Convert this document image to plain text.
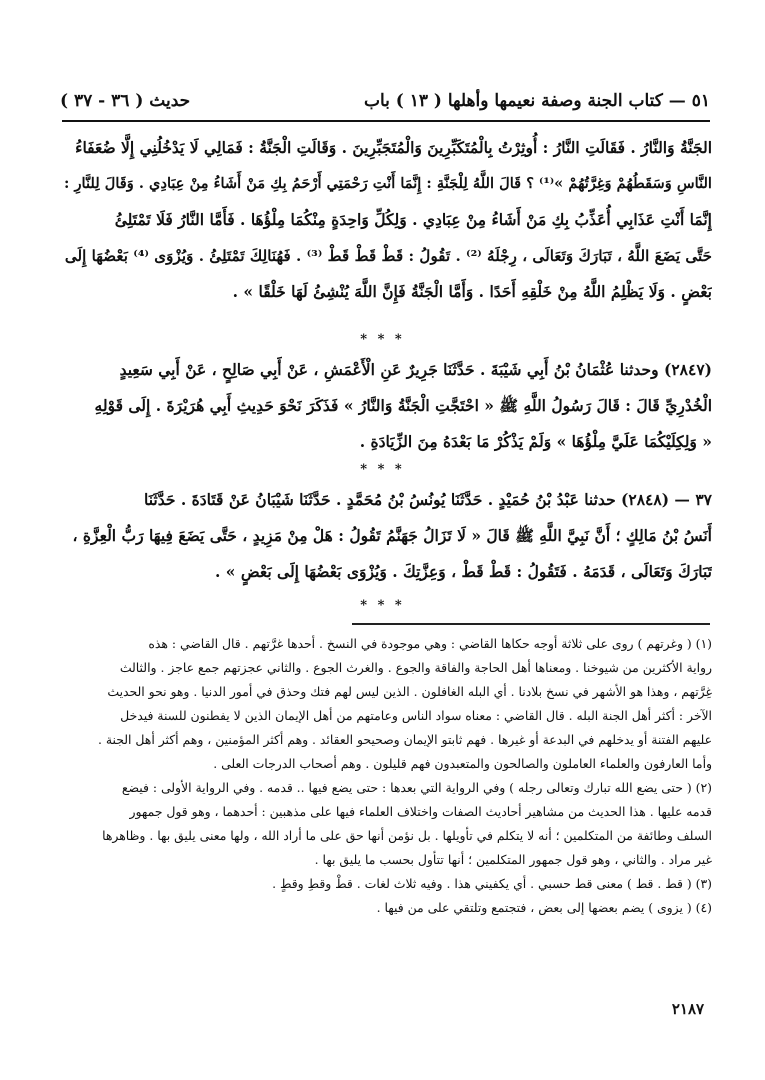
٥١ — كتاب الجنة وصفة نعيمها وأهلها ( ١٣ ) باب
( ٣٦ - ٣٧ ) حديث
الجَنَّةُ وَالنَّارُ . فَقَالَتِ النَّارُ : أُوثِرْتُ بِالْمُتَكَبِّرِينَ وَالْمُتَجَبِّرِينَ . وَقَالَتِ الْجَنَّةُ : فَمَالِي لَا يَدْخُلُنِي إِلَّا ضُعَفَاءُ
النَّاسِ وَسَقَطُهُمْ وَغِرَّتُهُمْ »⁽¹⁾ ؟ قَالَ اللَّهُ لِلْجَنَّةِ : إِنَّمَا أَنْتِ رَحْمَتِي أَرْحَمُ بِكِ مَنْ أَشَاءُ مِنْ عِبَادِي . وَقَالَ لِلنَّارِ :
إِنَّمَا أَنْتِ عَذَابِي أُعَذِّبُ بِكِ مَنْ أَشَاءُ مِنْ عِبَادِي . وَلِكُلِّ وَاحِدَةٍ مِنْكُمَا مِلْؤُهَا . فَأَمَّا النَّارُ فَلَا تَمْتَلِئُ
حَتَّى يَضَعَ اللَّهُ ، تَبَارَكَ وَتَعَالَى ، رِجْلَهُ ⁽²⁾ . تَقُولُ : قَطْ قَطْ قَطْ ⁽³⁾ . فَهُنَالِكَ تَمْتَلِئُ . وَيُزْوَى ⁽⁴⁾ بَعْضُهَا إِلَى
بَعْضٍ . وَلَا يَظْلِمُ اللَّهُ مِنْ خَلْقِهِ أَحَدًا . وَأَمَّا الْجَنَّةُ فَإِنَّ اللَّهَ يُنْشِئُ لَهَا خَلْقًا » .
* * *
(٢٨٤٧) وحدثنا عُثْمَانُ بْنُ أَبِي شَيْبَةَ . حَدَّثَنَا جَرِيرٌ عَنِ الْأَعْمَشِ ، عَنْ أَبِي صَالِحٍ ، عَنْ أَبِي سَعِيدٍ
الْخُدْرِيِّ قَالَ : قَالَ رَسُولُ اللَّهِ ﷺ « احْتَجَّتِ الْجَنَّةُ وَالنَّارُ » فَذَكَرَ نَحْوَ حَدِيثِ أَبِي هُرَيْرَةَ . إِلَى قَوْلِهِ
« وَلِكِلَيْكُمَا عَلَيَّ مِلْؤُهَا » وَلَمْ يَذْكُرْ مَا بَعْدَهُ مِنَ الزِّيَادَةِ .
* * *
٣٧ — (٢٨٤٨) حدثنا عَبْدُ بْنُ حُمَيْدٍ . حَدَّثَنَا يُونُسُ بْنُ مُحَمَّدٍ . حَدَّثَنَا شَيْبَانُ عَنْ قَتَادَةَ . حَدَّثَنَا
أَنَسُ بْنُ مَالِكٍ ؛ أَنَّ نَبِيَّ اللَّهِ ﷺ قَالَ « لَا تَزَالُ جَهَنَّمُ تَقُولُ : هَلْ مِنْ مَزِيدٍ ، حَتَّى يَضَعَ فِيهَا رَبُّ الْعِزَّةِ ،
تَبَارَكَ وَتَعَالَى ، قَدَمَهُ . فَتَقُولُ : قَطْ قَطْ ، وَعِزَّتِكَ . وَيُزْوَى بَعْضُهَا إِلَى بَعْضٍ » .
* * *
(١) ( وغرتهم ) روى على ثلاثة أوجه حكاها القاضي : وهي موجودة في النسخ . أحدها غرَّتهم . قال القاضي : هذه
رواية الأكثرين من شيوخنا . ومعناها أهل الحاجة والفاقة والجوع . والغرث الجوع . والثاني عجزتهم جمع عاجز . والثالث
غِرَّتهم ، وهذا هو الأشهر في نسخ بلادنا . أي البله الغافلون . الذين ليس لهم فتك وحذق في أمور الدنيا . وهو نحو الحديث
الآخر : أكثر أهل الجنة البله . قال القاضي : معناه سواد الناس وعامتهم من أهل الإيمان الذين لا يفطنون للسنة فيدخل
عليهم الفتنة أو يدخلهم في البدعة أو غيرها . فهم ثابتو الإيمان وصحيحو العقائد . وهم أكثر المؤمنين ، وهم أكثر أهل الجنة .
وأما العارفون والعلماء العاملون والصالحون والمتعبدون فهم قليلون . وهم أصحاب الدرجات العلى .
(٢) ( حتى يضع الله تبارك وتعالى رجله ) وفي الرواية التي بعدها : حتى يضع فيها .. قدمه . وفي الرواية الأولى : فيضع
قدمه عليها . هذا الحديث من مشاهير أحاديث الصفات واختلاف العلماء فيها على مذهبين : أحدهما ، وهو قول جمهور
السلف وطائفة من المتكلمين ؛ أنه لا يتكلم في تأويلها . بل نؤمن أنها حق على ما أراد الله ، ولها معنى يليق بها . وظاهرها
غير مراد . والثاني ، وهو قول جمهور المتكلمين ؛ أنها تتأول بحسب ما يليق بها .
(٣) ( قط . قط ) معنى قط حسبي . أي يكفيني هذا . وفيه ثلاث لغات . قطْ وقطِ وقطٍ .
(٤) ( يزوى ) يضم بعضها إلى بعض ، فتجتمع وتلتقي على من فيها .
٢١٨٧
